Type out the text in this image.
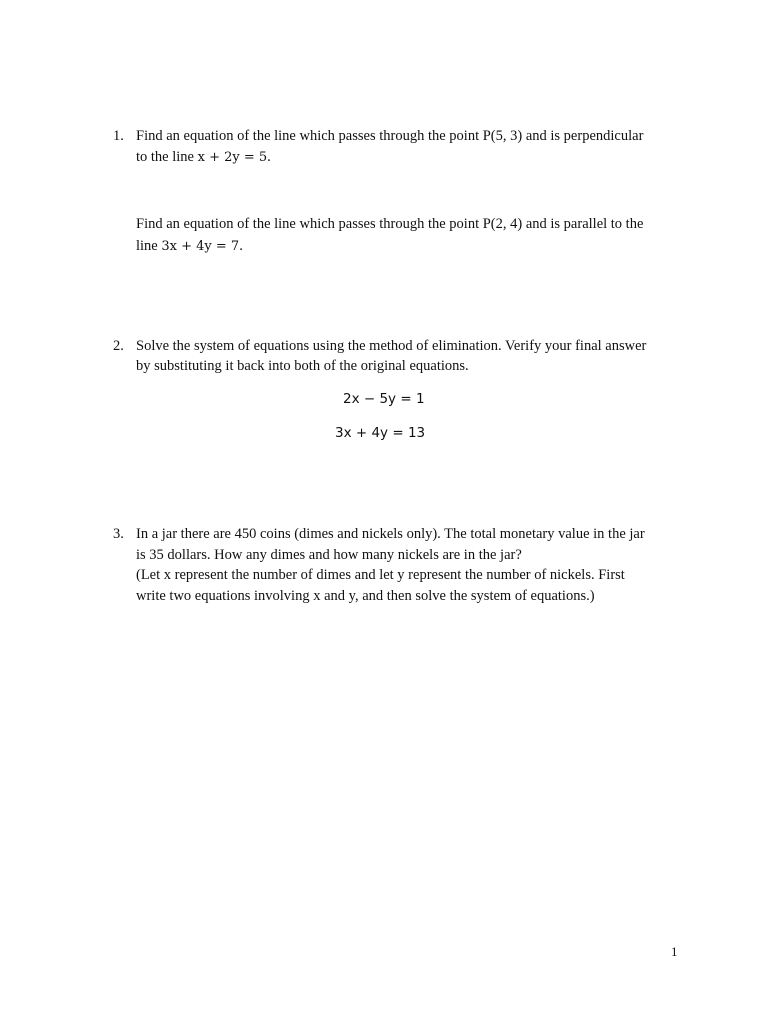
1. Find an equation of the line which passes through the point P(5, 3) and is perpendicular
to the line x + 2y = 5.
Find an equation of the line which passes through the point P(2, 4) and is parallel to the
line 3x + 4y = 7.
2. Solve the system of equations using the method of elimination. Verify your final answer
by substituting it back into both of the original equations.
2x − 5y = 1
3x + 4y = 13
3. In a jar there are 450 coins (dimes and nickels only). The total monetary value in the jar
is 35 dollars. How any dimes and how many nickels are in the jar?
(Let x represent the number of dimes and let y represent the number of nickels. First
write two equations involving x and y, and then solve the system of equations.)
1
